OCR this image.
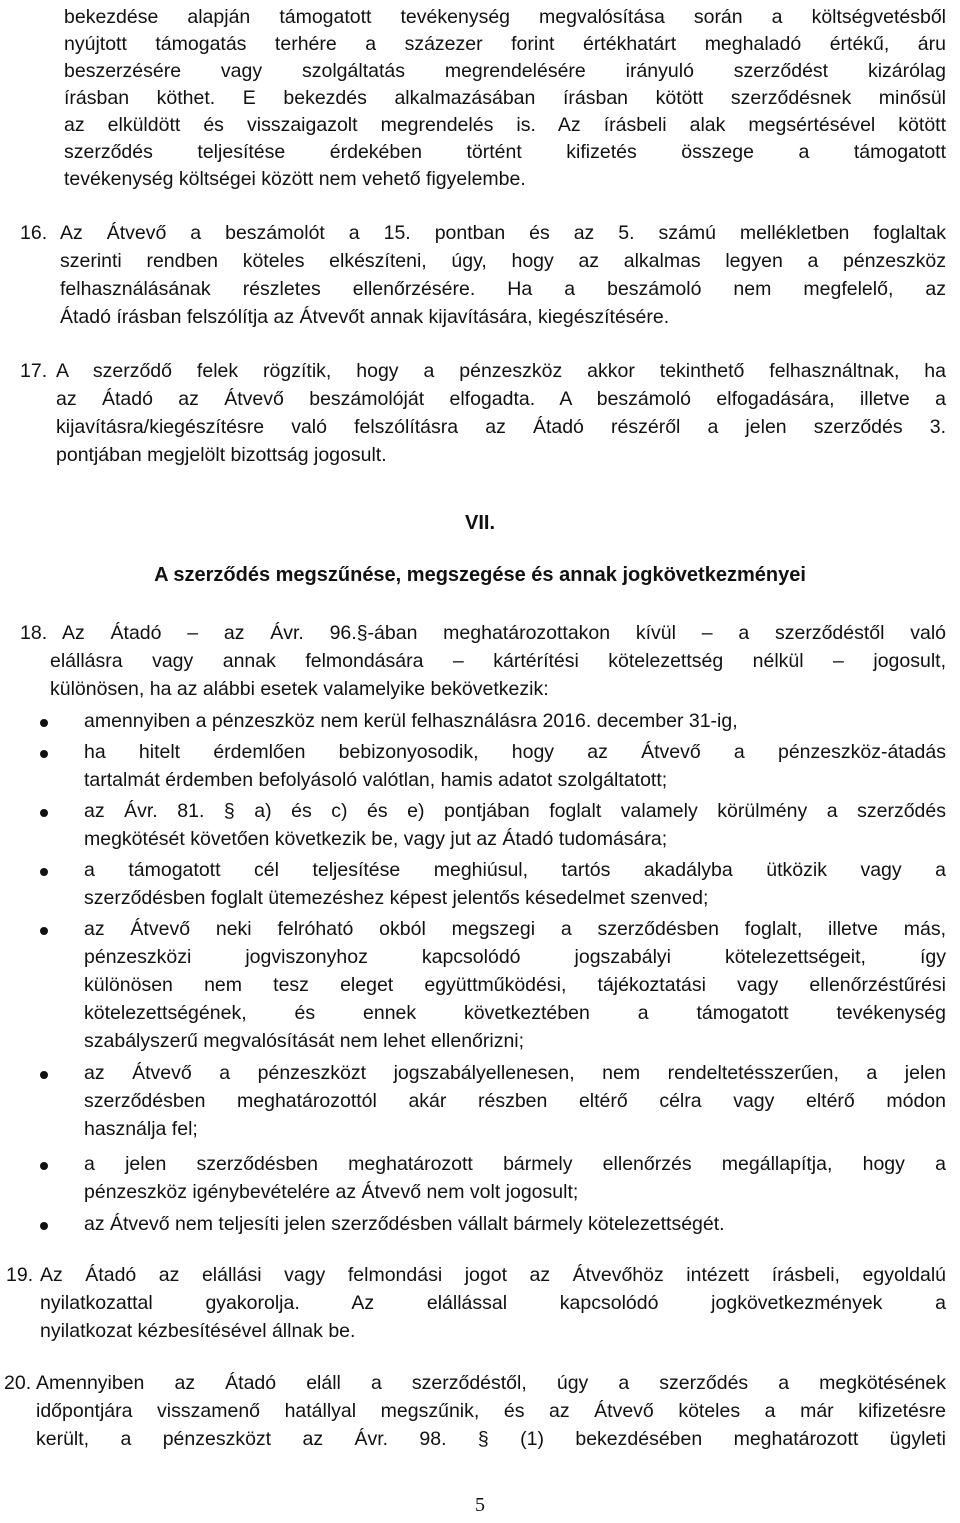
bekezdése alapján támogatott tevékenység megvalósítása során a költségvetésből
nyújtott támogatás terhére a százezer forint értékhatárt meghaladó értékű, áru
beszerzésére vagy szolgáltatás megrendelésére irányuló szerződést kizárólag
írásban köthet. E bekezdés alkalmazásában írásban kötött szerződésnek minősül
az elküldött és visszaigazolt megrendelés is. Az írásbeli alak megsértésével kötött
szerződés teljesítése érdekében történt kifizetés összege a támogatott
tevékenység költségei között nem vehető figyelembe.
16. Az Átvevő a beszámolót a 15. pontban és az 5. számú mellékletben foglaltak
szerinti rendben köteles elkészíteni, úgy, hogy az alkalmas legyen a pénzeszköz
felhasználásának részletes ellenőrzésére. Ha a beszámoló nem megfelelő, az
Átadó írásban felszólítja az Átvevőt annak kijavítására, kiegészítésére.
17. A szerződő felek rögzítik, hogy a pénzeszköz akkor tekinthető felhasználtnak, ha
az Átadó az Átvevő beszámolóját elfogadta. A beszámoló elfogadására, illetve a
kijavításra/kiegészítésre való felszólításra az Átadó részéről a jelen szerződés 3.
pontjában megjelölt bizottság jogosult.
VII.
A szerződés megszűnése, megszegése és annak jogkövetkezményei
18. Az Átadó – az Ávr. 96.§-ában meghatározottakon kívül – a szerződéstől való
elállásra vagy annak felmondására – kártérítési kötelezettség nélkül – jogosult,
különösen, ha az alábbi esetek valamelyike bekövetkezik:
amennyiben a pénzeszköz nem kerül felhasználásra 2016. december 31-ig,
ha hitelt érdemlően bebizonyosodik, hogy az Átvevő a pénzeszköz-átadás
tartalmát érdemben befolyásoló valótlan, hamis adatot szolgáltatott;
az Ávr. 81. § a) és c) és e) pontjában foglalt valamely körülmény a szerződés
megkötését követően következik be, vagy jut az Átadó tudomására;
a támogatott cél teljesítése meghiúsul, tartós akadályba ütközik vagy a
szerződésben foglalt ütemezéshez képest jelentős késedelmet szenved;
az Átvevő neki felróható okból megszegi a szerződésben foglalt, illetve más,
pénzeszközi jogviszonyhoz kapcsolódó jogszabályi kötelezettségeit, így
különösen nem tesz eleget együttműködési, tájékoztatási vagy ellenőrzéstűrési
kötelezettségének, és ennek következtében a támogatott tevékenység
szabályszerű megvalósítását nem lehet ellenőrizni;
az Átvevő a pénzeszközt jogszabályellenesen, nem rendeltetésszerűen, a jelen
szerződésben meghatározottól akár részben eltérő célra vagy eltérő módon
használja fel;
a jelen szerződésben meghatározott bármely ellenőrzés megállapítja, hogy a
pénzeszköz igénybevételére az Átvevő nem volt jogosult;
az Átvevő nem teljesíti jelen szerződésben vállalt bármely kötelezettségét.
19. Az Átadó az elállási vagy felmondási jogot az Átvevőhöz intézett írásbeli, egyoldalú
nyilatkozattal gyakorolja. Az elállással kapcsolódó jogkövetkezmények a
nyilatkozat kézbesítésével állnak be.
20. Amennyiben az Átadó eláll a szerződéstől, úgy a szerződés a megkötésének
időpontjára visszamenő hatállyal megszűnik, és az Átvevő köteles a már kifizetésre
került, a pénzeszközt az Ávr. 98. § (1) bekezdésében meghatározott ügyleti
5
